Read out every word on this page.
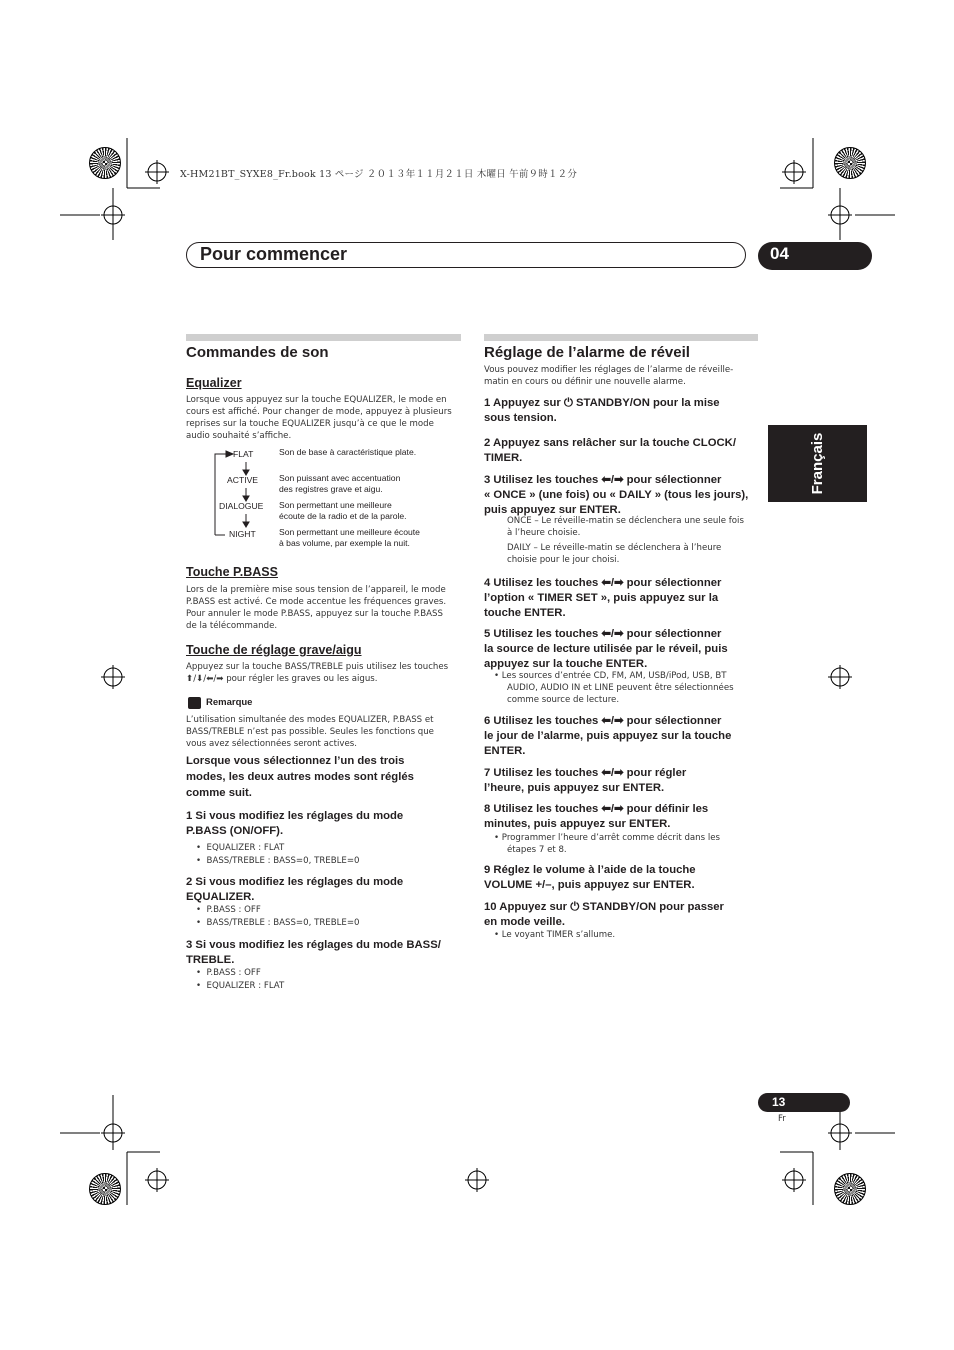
X-HM21BT_SYXE8_Fr.book 13 ページ ２０１３年１１月２１日 木曜日 午前９時１２分
Pour commencer	04
Français
Commandes de son
Equalizer
Lorsque vous appuyez sur la touche EQUALIZER, le mode en
cours est affiché. Pour changer de mode, appuyez à plusieurs
reprises sur la touche EQUALIZER jusqu’à ce que le mode
audio souhaité s’affiche.
FLAT
ACTIVE
DIALOGUE
NIGHT
Son de base à caractéristique plate.
Son puissant avec accentuation
des registres grave et aigu.
Son permettant une meilleure
écoute de la radio et de la parole.
Son permettant une meilleure écoute
à bas volume, par exemple la nuit.
Touche P.BASS
Lors de la première mise sous tension de l’appareil, le mode
P.BASS est activé. Ce mode accentue les fréquences graves.
Pour annuler le mode P.BASS, appuyez sur la touche P.BASS
de la télécommande.
Touche de réglage grave/aigu
Appuyez sur la touche BASS/TREBLE puis utilisez les touches
⬆/⬇/⬅/➡ pour régler les graves ou les aigus.
Remarque
L’utilisation simultanée des modes EQUALIZER, P.BASS et
BASS/TREBLE n’est pas possible. Seules les fonctions que
vous avez sélectionnées seront actives.
Lorsque vous sélectionnez l’un des trois
modes, les deux autres modes sont réglés
comme suit.
1 Si vous modifiez les réglages du mode
P.BASS (ON/OFF).
•  EQUALIZER : FLAT
•  BASS/TREBLE : BASS=0, TREBLE=0
2 Si vous modifiez les réglages du mode
EQUALIZER.
•  P.BASS : OFF
•  BASS/TREBLE : BASS=0, TREBLE=0
3 Si vous modifiez les réglages du mode BASS/
TREBLE.
•  P.BASS : OFF
•  EQUALIZER : FLAT
Réglage de l’alarme de réveil
Vous pouvez modifier les réglages de l’alarme de réveille-
matin en cours ou définir une nouvelle alarme.
1 Appuyez sur ⏻ STANDBY/ON pour la mise
sous tension.
2 Appuyez sans relâcher sur la touche CLOCK/
TIMER.
3 Utilisez les touches ⬅/➡ pour sélectionner
« ONCE » (une fois) ou « DAILY » (tous les jours),
puis appuyez sur ENTER.
ONCE – Le réveille-matin se déclenchera une seule fois
à l’heure choisie.
DAILY – Le réveille-matin se déclenchera à l’heure
choisie pour le jour choisi.
4 Utilisez les touches ⬅/➡ pour sélectionner
l’option « TIMER SET », puis appuyez sur la
touche ENTER.
5 Utilisez les touches ⬅/➡ pour sélectionner
la source de lecture utilisée par le réveil, puis
appuyez sur la touche ENTER.
• Les sources d’entrée CD, FM, AM, USB/iPod, USB, BT
AUDIO, AUDIO IN et LINE peuvent être sélectionnées
comme source de lecture.
6 Utilisez les touches ⬅/➡ pour sélectionner
le jour de l’alarme, puis appuyez sur la touche
ENTER.
7 Utilisez les touches ⬅/➡ pour régler
l’heure, puis appuyez sur ENTER.
8 Utilisez les touches ⬅/➡ pour définir les
minutes, puis appuyez sur ENTER.
• Programmer l’heure d’arrêt comme décrit dans les
étapes 7 et 8.
9 Réglez le volume à l’aide de la touche
VOLUME +/–, puis appuyez sur ENTER.
10 Appuyez sur ⏻ STANDBY/ON pour passer
en mode veille.
• Le voyant TIMER s’allume.
13
Fr
